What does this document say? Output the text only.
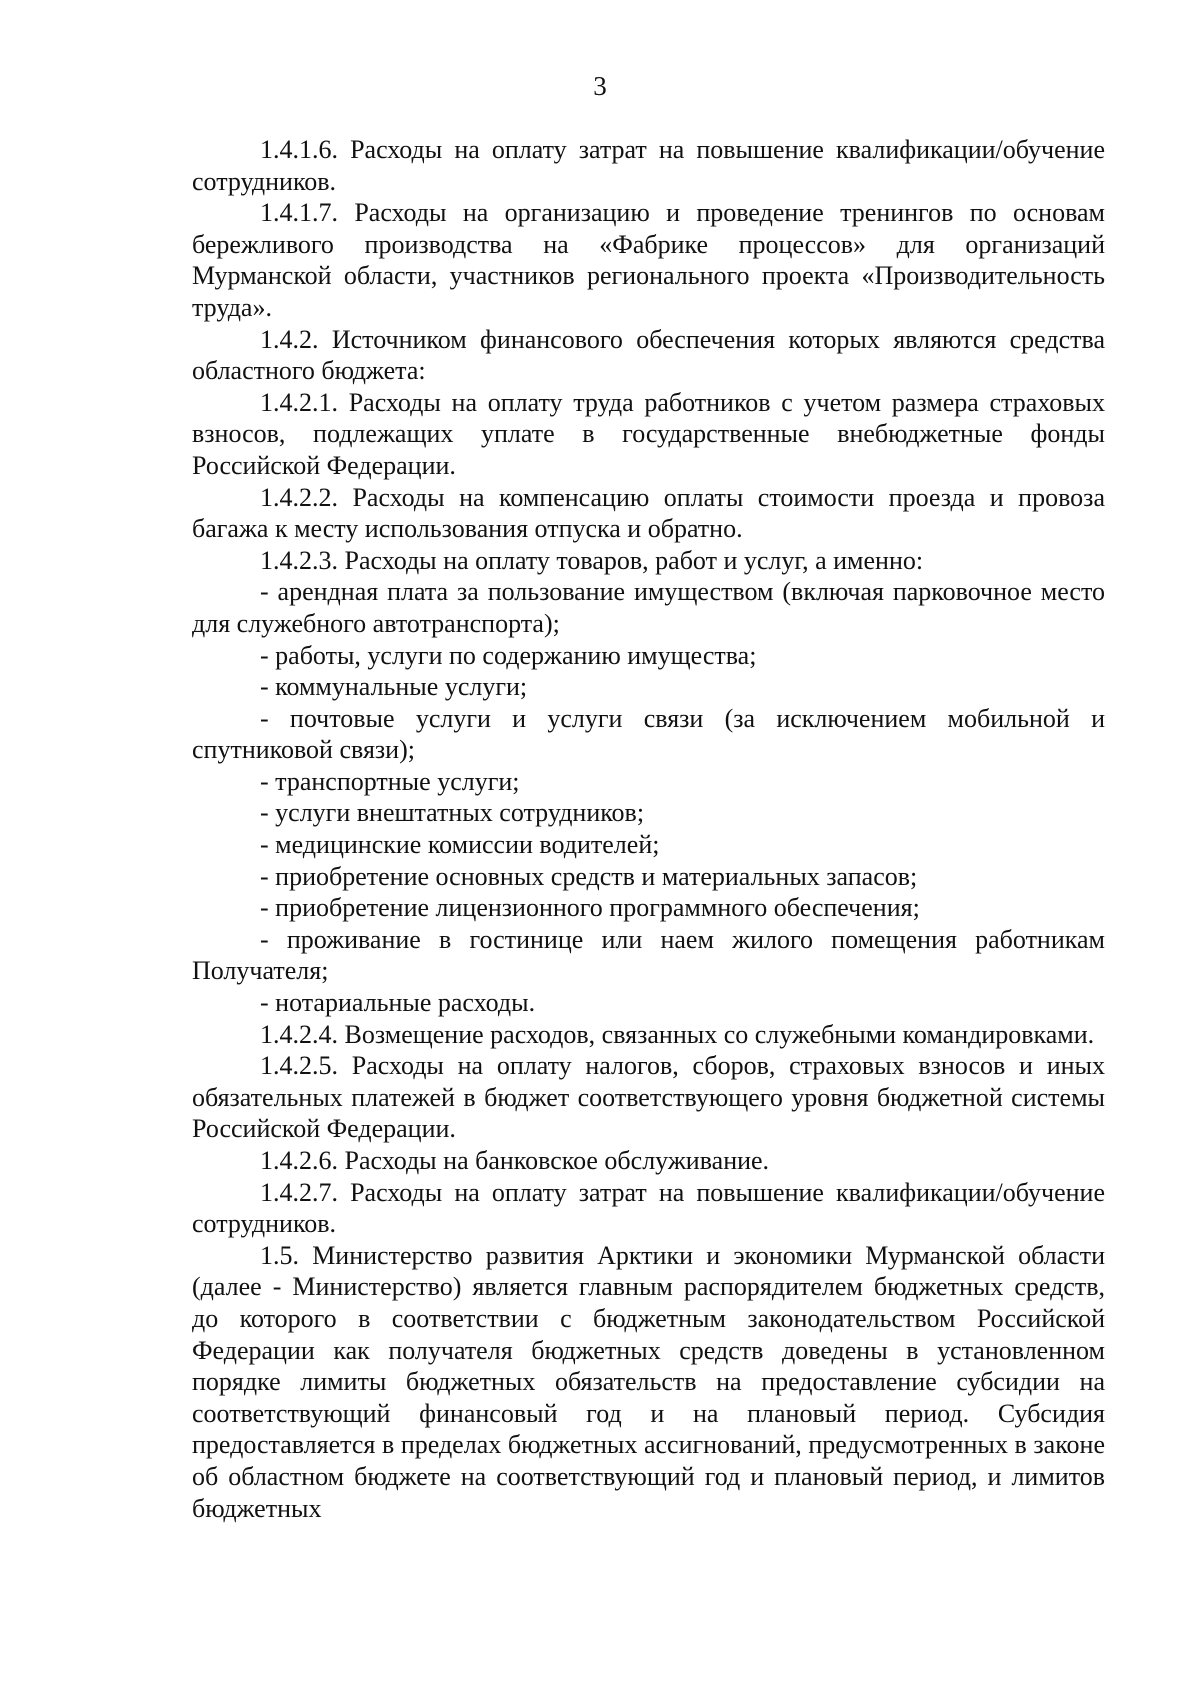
3

1.4.1.6. Расходы на оплату затрат на повышение квалификации/обучение сотрудников.

1.4.1.7. Расходы на организацию и проведение тренингов по основам бережливого производства на «Фабрике процессов» для организаций Мурманской области, участников регионального проекта «Производительность труда».

1.4.2. Источником финансового обеспечения которых являются средства областного бюджета:

1.4.2.1. Расходы на оплату труда работников с учетом размера страховых взносов, подлежащих уплате в государственные внебюджетные фонды Российской Федерации.

1.4.2.2. Расходы на компенсацию оплаты стоимости проезда и провоза багажа к месту использования отпуска и обратно.

1.4.2.3. Расходы на оплату товаров, работ и услуг, а именно:

- арендная плата за пользование имуществом (включая парковочное место для служебного автотранспорта);

- работы, услуги по содержанию имущества;

- коммунальные услуги;

- почтовые услуги и услуги связи (за исключением мобильной и спутниковой связи);

- транспортные услуги;

- услуги внештатных сотрудников;

- медицинские комиссии водителей;

- приобретение основных средств и материальных запасов;

- приобретение лицензионного программного обеспечения;

- проживание в гостинице или наем жилого помещения работникам Получателя;

- нотариальные расходы.

1.4.2.4. Возмещение расходов, связанных со служебными командировками.

1.4.2.5. Расходы на оплату налогов, сборов, страховых взносов и иных обязательных платежей в бюджет соответствующего уровня бюджетной системы Российской Федерации.

1.4.2.6. Расходы на банковское обслуживание.

1.4.2.7. Расходы на оплату затрат на повышение квалификации/обучение сотрудников.

1.5. Министерство развития Арктики и экономики Мурманской области (далее - Министерство) является главным распорядителем бюджетных средств, до которого в соответствии с бюджетным законодательством Российской Федерации как получателя бюджетных средств доведены в установленном порядке лимиты бюджетных обязательств на предоставление субсидии на соответствующий финансовый год и на плановый период. Субсидия предоставляется в пределах бюджетных ассигнований, предусмотренных в законе об областном бюджете на соответствующий год и плановый период, и лимитов бюджетных
